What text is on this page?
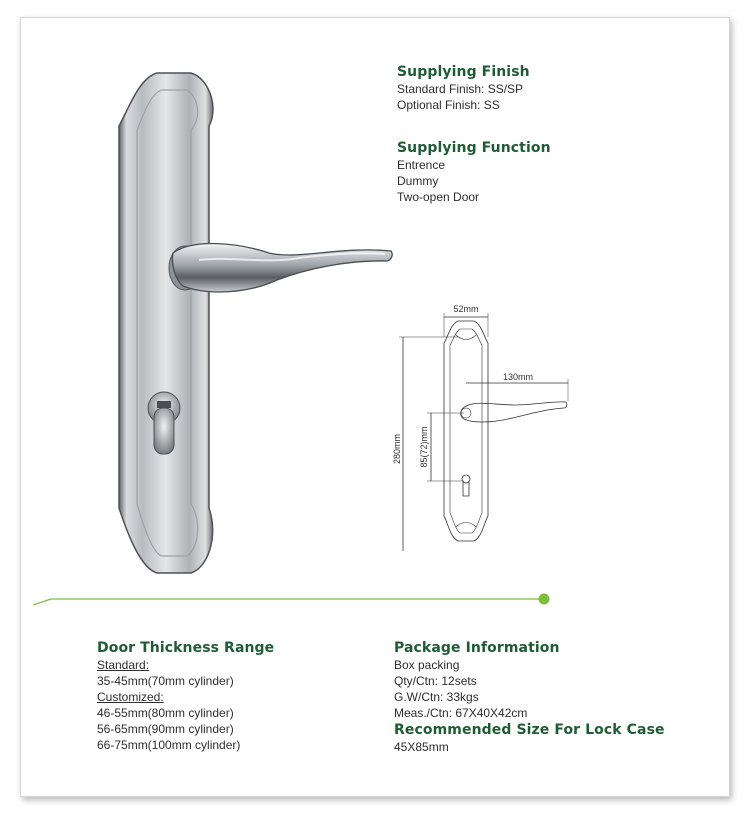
Supplying Finish

Standard Finish: SS/SP

Optional Finish: SS

Supplying Function

Entrence

Dummy

Two-open Door

52mm
130mm
280mm 85(72)mm

Door Thickness Range

Standard:

35-45mm(70mm cylinder)

Customized:

46-55mm(80mm cylinder)

56-65mm(90mm cylinder)

66-75mm(100mm cylinder)

Package Information

Box packing

Qty/Ctn: 12sets

G.W/Ctn: 33kgs

Meas./Ctn: 67X40X42cm

Recommended Size For Lock Case

45X85mm
